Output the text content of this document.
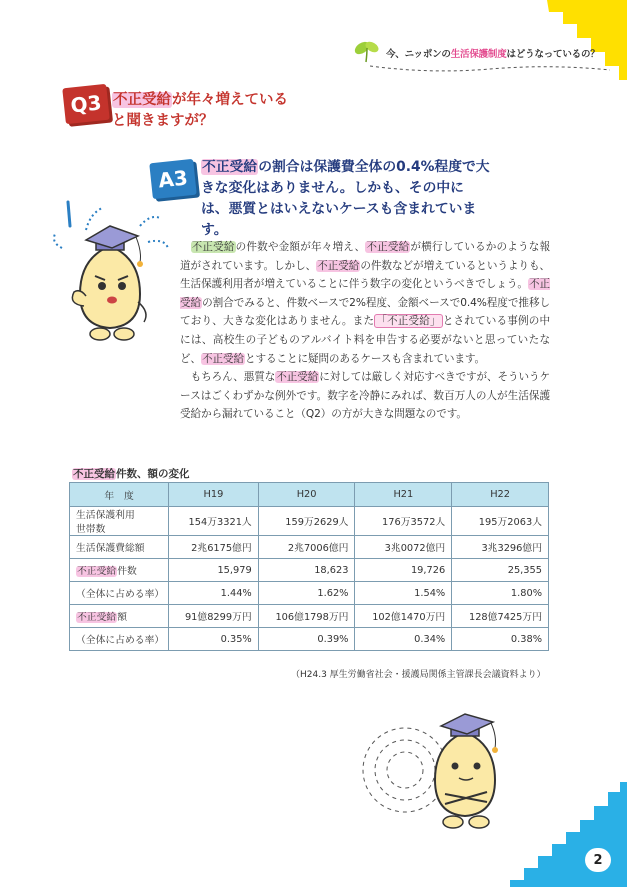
今、ニッポンの生活保護制度はどうなっているの？
Q3 不正受給が年々増えている
と聞きますが？
A3 不正受給の割合は保護費全体の0.4%程度で大きな変化はありません。しかも、その中には、悪質とはいえないケースも含まれています。

不正受給の件数や金額が年々増え、不正受給が横行しているかのような報道がされています。しかし、不正受給の件数などが増えているというよりも、生活保護利用者が増えていることに伴う数字の変化というべきでしょう。不正受給の割合でみると、件数ベースで2%程度、金額ベースで0.4%程度で推移しており、大きな変化はありません。また 「不正受給」 とされている事例の中には、高校生の子どものアルバイト料を申告する必要がないと思っていたなど、不正受給とすることに疑問のあるケースも含まれています。

もちろん、悪質な不正受給に対しては厳しく対応すべきですが、そういうケースはごくわずかな例外です。数字を冷静にみれば、数百万人の人が生活保護受給から漏れていること（Q2）の方が大きな問題なのです。

不正受給件数、額の変化
年　度	H19	H20	H21	H22
生活保護利用
世帯数	154万3321人	159万2629人	176万3572人	195万2063人
生活保護費総額	2兆6175億円	2兆7006億円	3兆0072億円	3兆3296億円
不正受給件数	15,979	18,623	19,726	25,355
（全体に占める率）	1.44%	1.62%	1.54%	1.80%
不正受給額	91億8299万円	106億1798万円	102億1470万円	128億7425万円
（全体に占める率）	0.35%	0.39%	0.34%	0.38%
（H24.3 厚生労働省社会・援護局関係主管課長会議資料より）
2
